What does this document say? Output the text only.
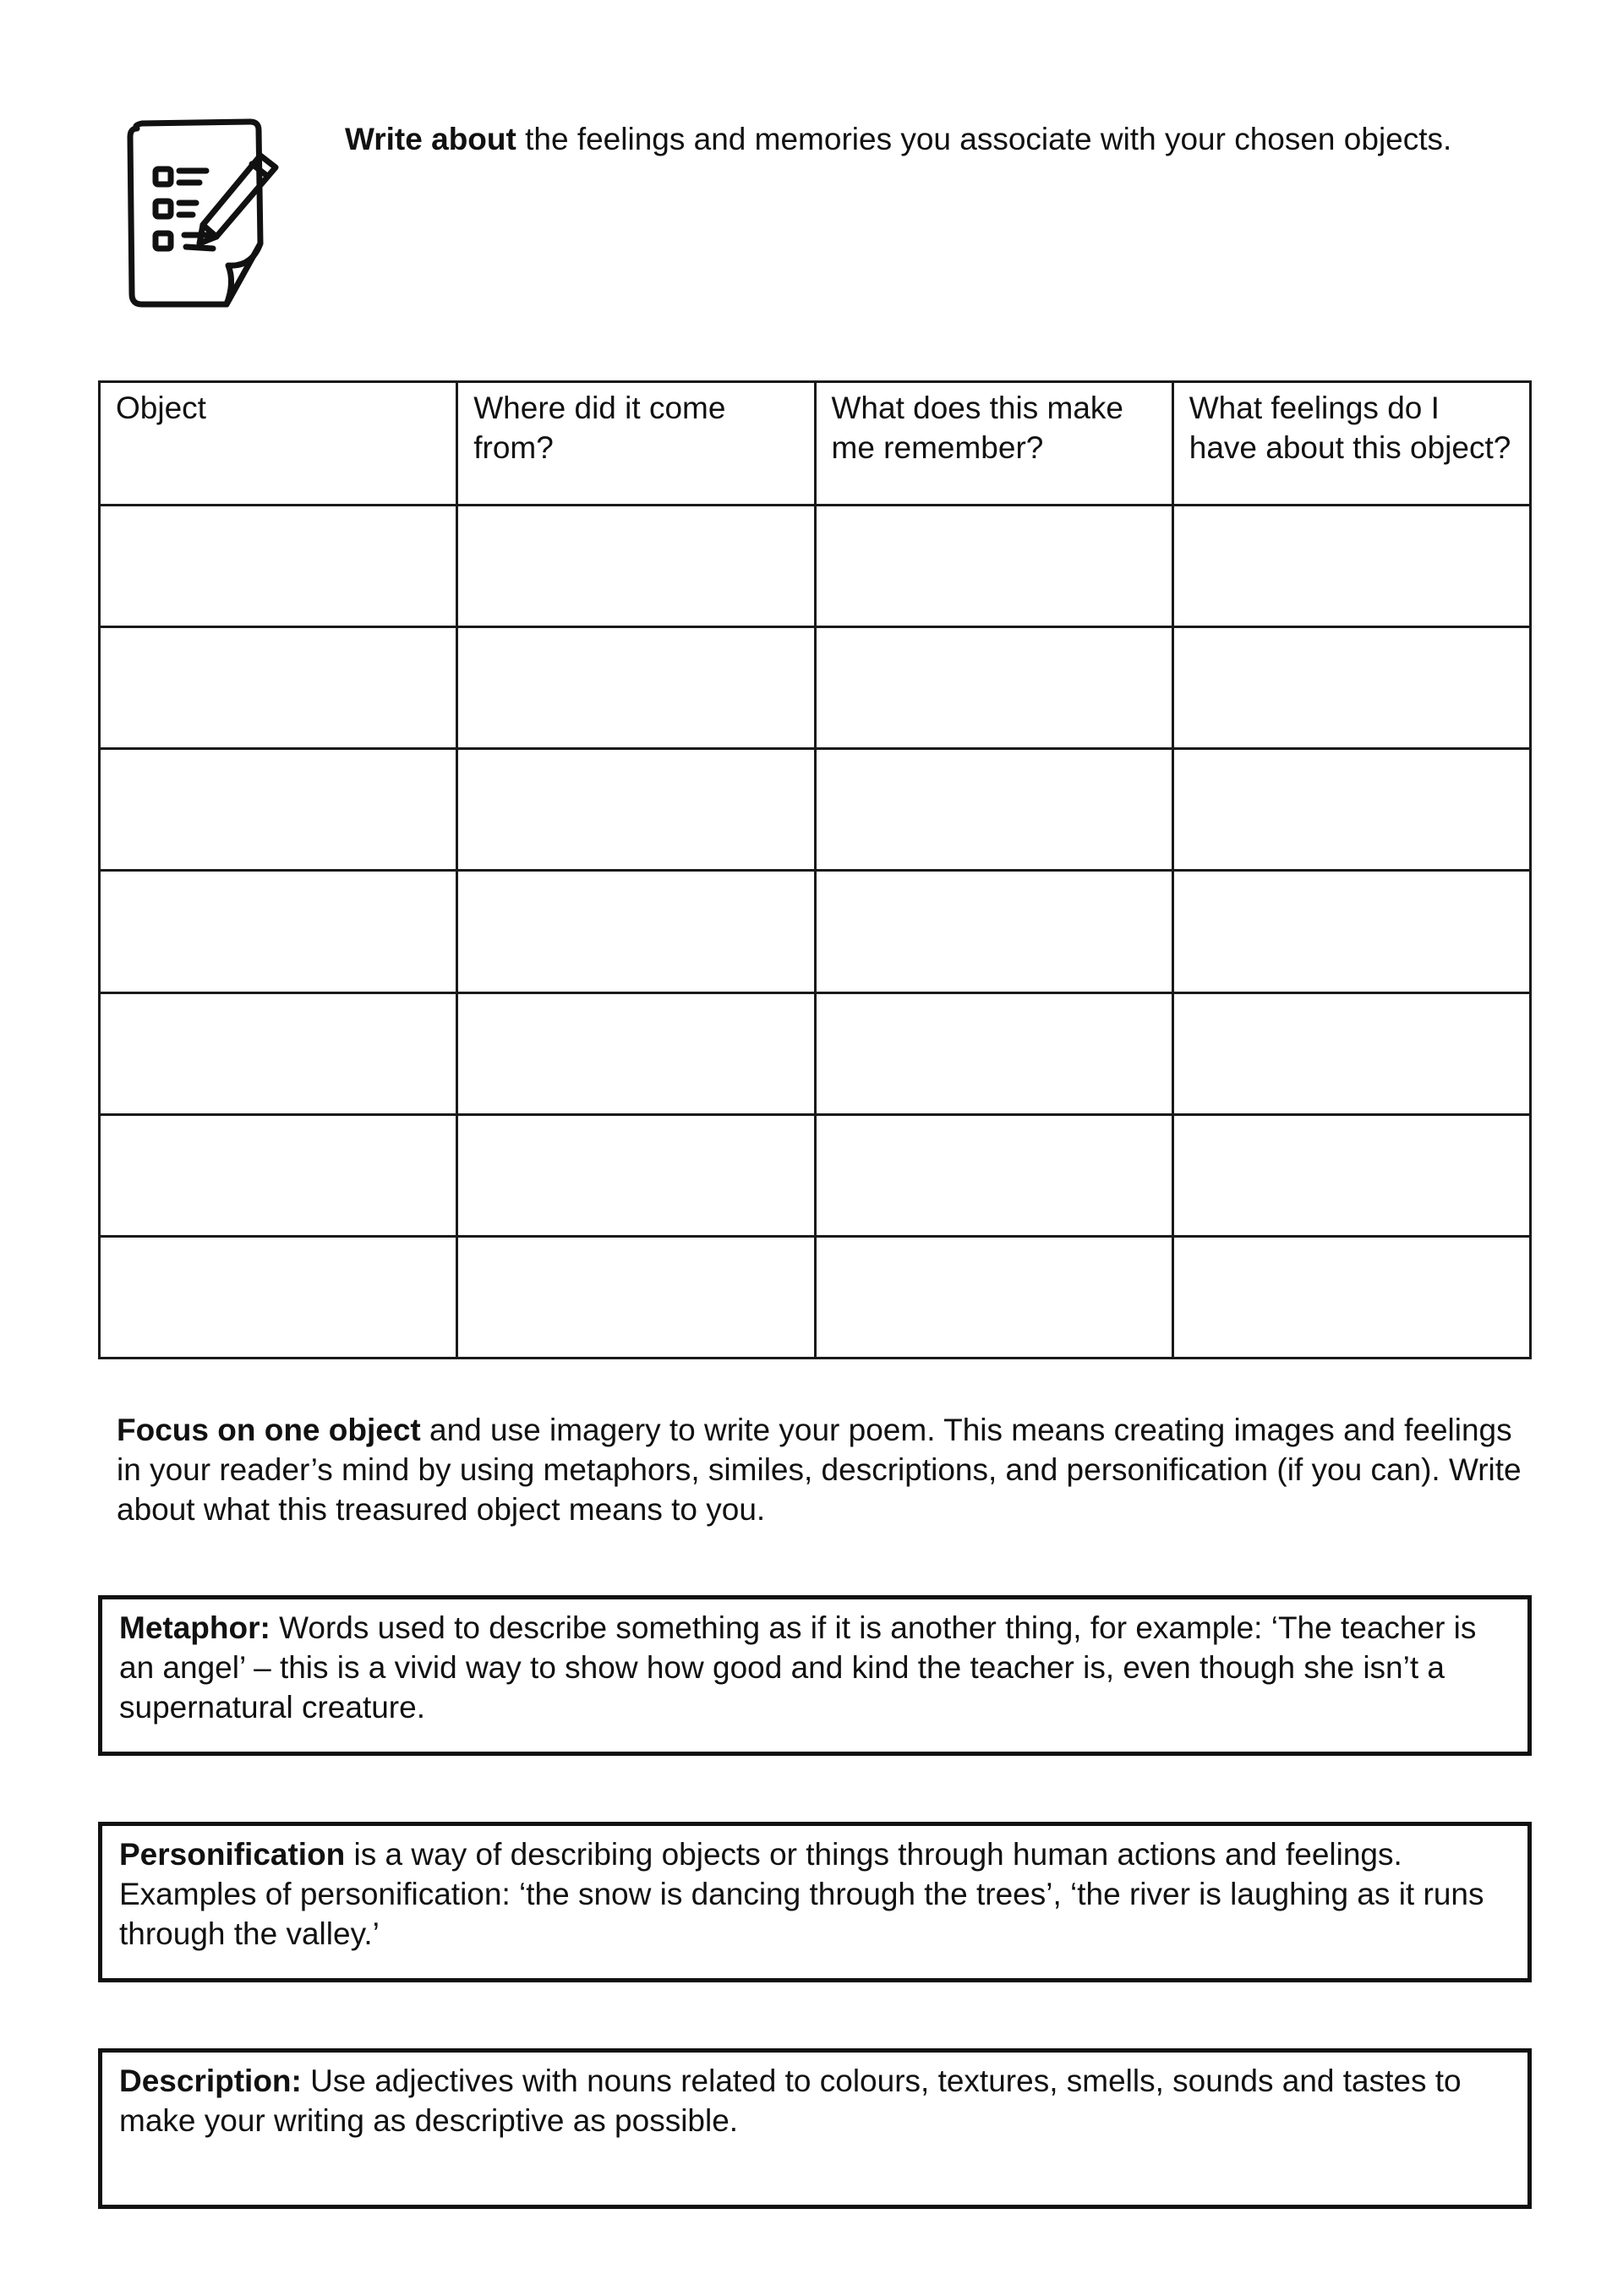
Write about the feelings and memories you associate with your chosen objects.

Object	Where did it come from?	What does this make me remember?	What feelings do I have about this object?

Focus on one object and use imagery to write your poem. This means creating images and feelings in your reader’s mind by using metaphors, similes, descriptions, and personification (if you can). Write about what this treasured object means to you.

Metaphor: Words used to describe something as if it is another thing, for example: ‘The teacher is an angel’ – this is a vivid way to show how good and kind the teacher is, even though she isn’t a supernatural creature.

Personification is a way of describing objects or things through human actions and feelings. Examples of personification: ‘the snow is dancing through the trees’, ‘the river is laughing as it runs through the valley.’

Description: Use adjectives with nouns related to colours, textures, smells, sounds and tastes to make your writing as descriptive as possible.
